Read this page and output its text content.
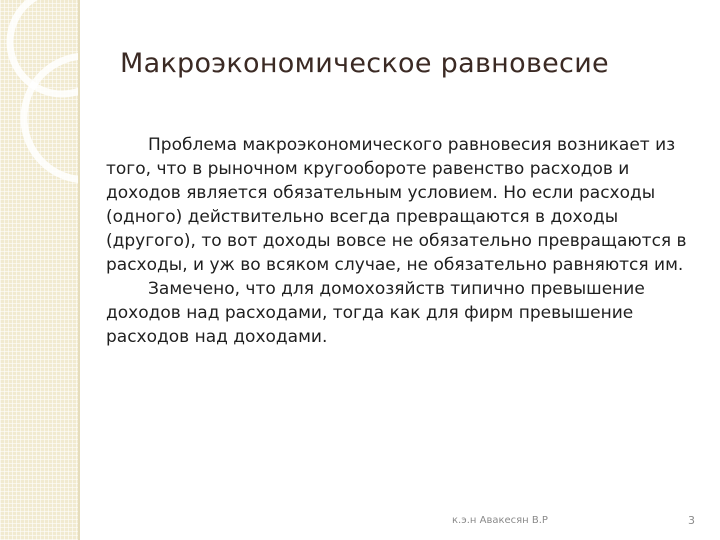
Макроэкономическое равновесие

Проблема макроэкономического равновесия возникает из того, что в рыночном кругообороте равенство расходов и доходов является обязательным условием. Но если расходы (одного) действительно всегда превращаются в доходы (другого), то вот доходы вовсе не обязательно превращаются в расходы, и уж во всяком случае, не обязательно равняются им.

Замечено, что для домохозяйств типично превышение доходов над расходами, тогда как для фирм превышение расходов над доходами.

к.э.н Авакесян В.Р	3
